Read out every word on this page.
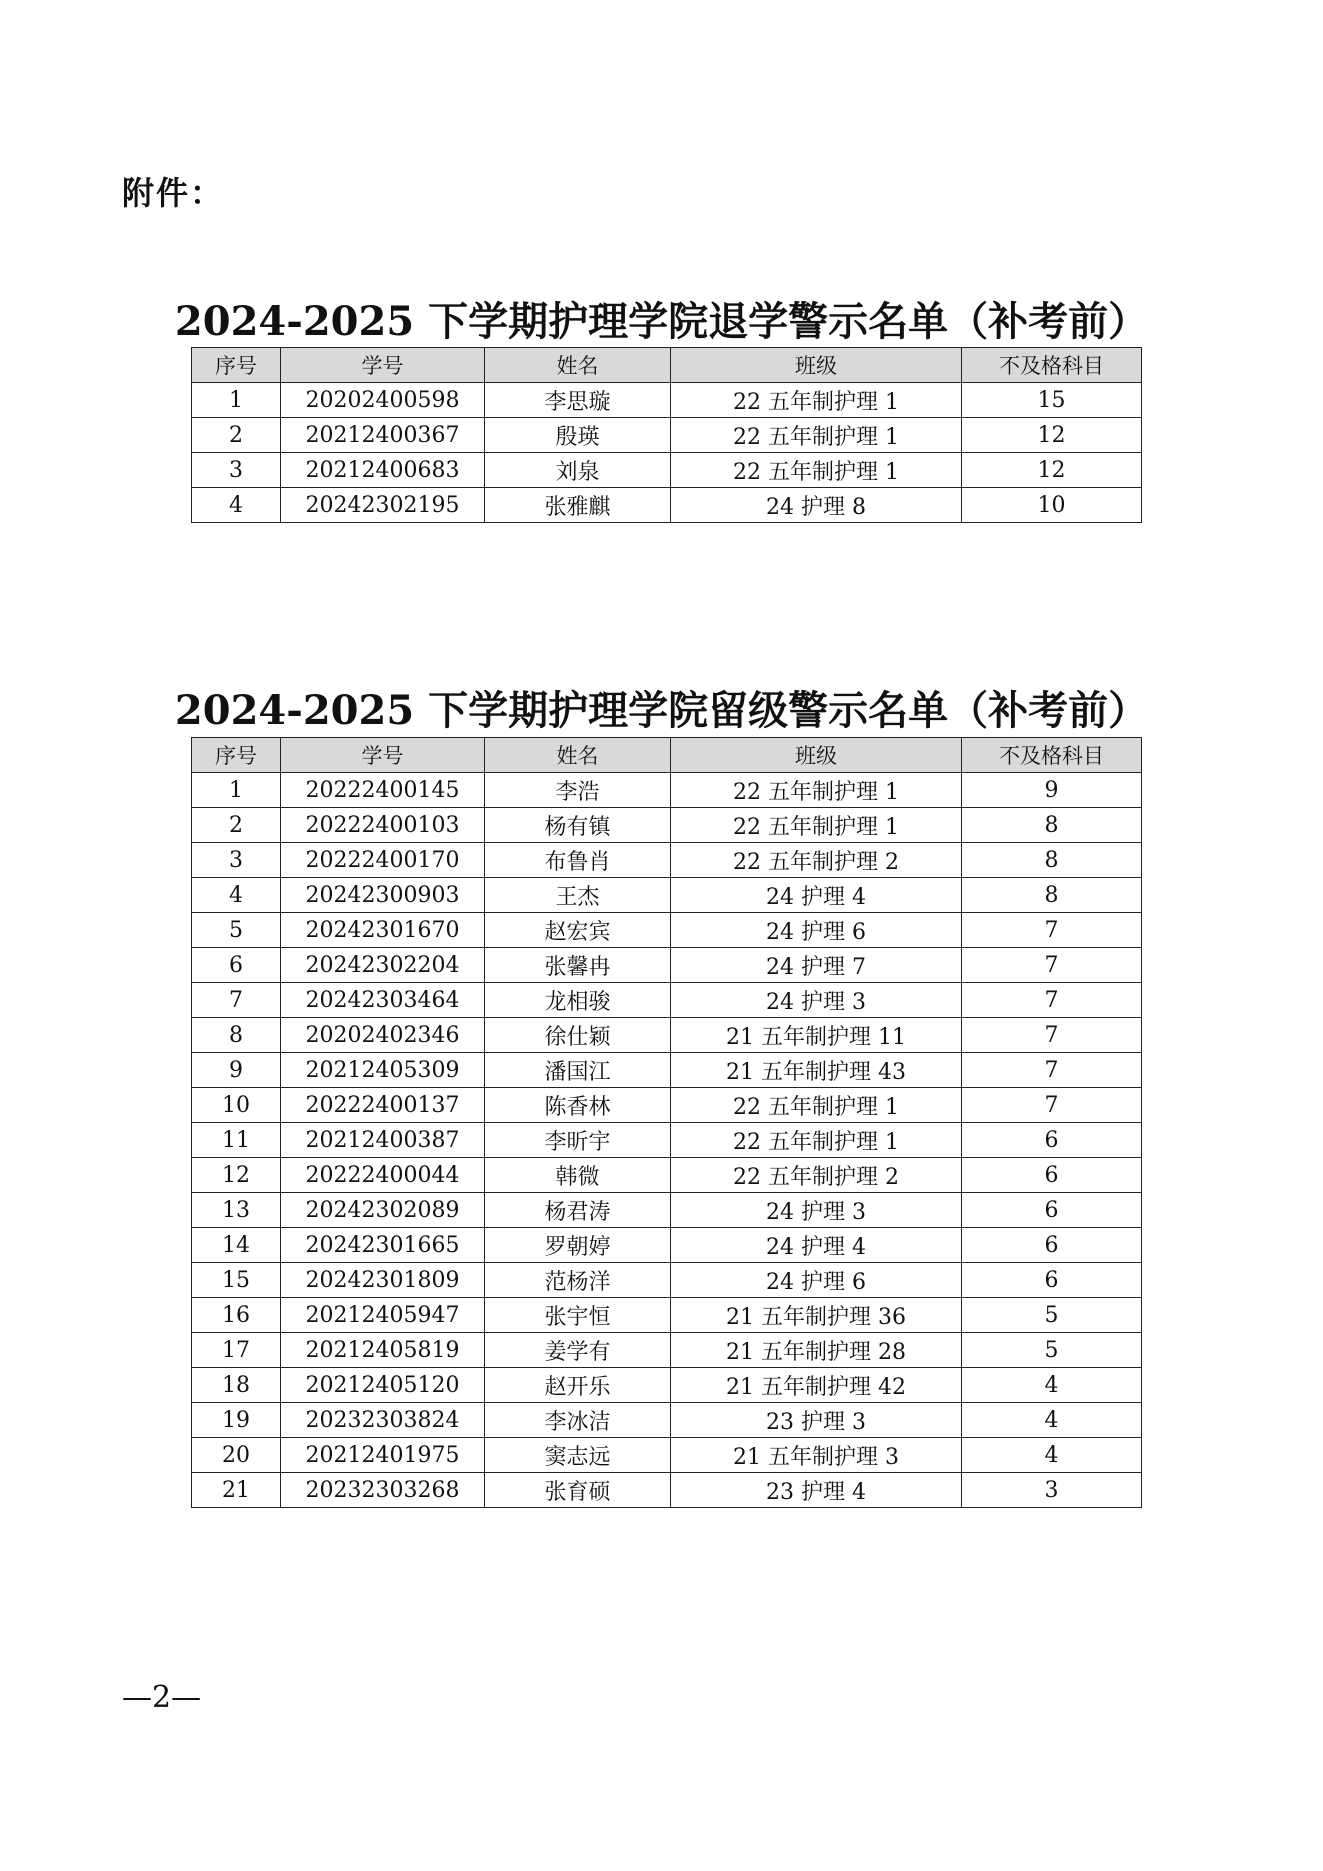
附件：
2024-2025 下学期护理学院退学警示名单（补考前）
序号	学号	姓名	班级	不及格科目
1	20202400598	李思璇	22 五年制护理 1	15
2	20212400367	殷瑛	22 五年制护理 1	12
3	20212400683	刘泉	22 五年制护理 1	12
4	20242302195	张雅麒	24 护理 8	10
2024-2025 下学期护理学院留级警示名单（补考前）
序号	学号	姓名	班级	不及格科目
1	20222400145	李浩	22 五年制护理 1	9
2	20222400103	杨有镇	22 五年制护理 1	8
3	20222400170	布鲁肖	22 五年制护理 2	8
4	20242300903	王杰	24 护理 4	8
5	20242301670	赵宏宾	24 护理 6	7
6	20242302204	张馨冉	24 护理 7	7
7	20242303464	龙相骏	24 护理 3	7
8	20202402346	徐仕颖	21 五年制护理 11	7
9	20212405309	潘国江	21 五年制护理 43	7
10	20222400137	陈香林	22 五年制护理 1	7
11	20212400387	李昕宇	22 五年制护理 1	6
12	20222400044	韩微	22 五年制护理 2	6
13	20242302089	杨君涛	24 护理 3	6
14	20242301665	罗朝婷	24 护理 4	6
15	20242301809	范杨洋	24 护理 6	6
16	20212405947	张宇恒	21 五年制护理 36	5
17	20212405819	姜学有	21 五年制护理 28	5
18	20212405120	赵开乐	21 五年制护理 42	4
19	20232303824	李冰洁	23 护理 3	4
20	20212401975	窦志远	21 五年制护理 3	4
21	20232303268	张育硕	23 护理 4	3
—2—
